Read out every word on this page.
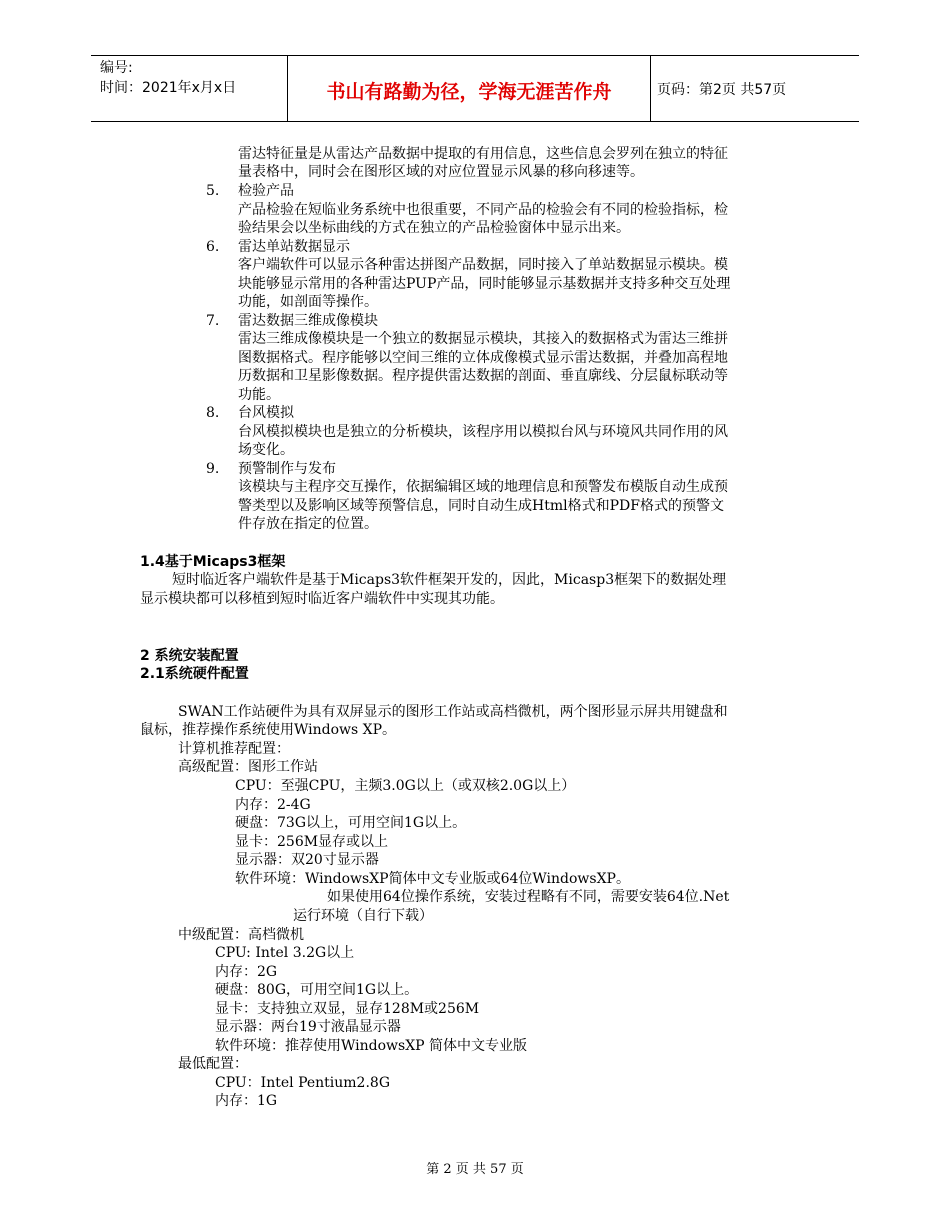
编号:
时间：2021年x月x日	书山有路勤为径，学海无涯苦作舟	页码：第2页 共57页
雷达特征量是从雷达产品数据中提取的有用信息，这些信息会罗列在独立的特征
量表格中，同时会在图形区域的对应位置显示风暴的移向移速等。
5. 检验产品
产品检验在短临业务系统中也很重要，不同产品的检验会有不同的检验指标，检
验结果会以坐标曲线的方式在独立的产品检验窗体中显示出来。
6. 雷达单站数据显示
客户端软件可以显示各种雷达拼图产品数据，同时接入了单站数据显示模块。模
块能够显示常用的各种雷达PUP产品，同时能够显示基数据并支持多种交互处理
功能，如剖面等操作。
7. 雷达数据三维成像模块
雷达三维成像模块是一个独立的数据显示模块，其接入的数据格式为雷达三维拼
图数据格式。程序能够以空间三维的立体成像模式显示雷达数据，并叠加高程地
历数据和卫星影像数据。程序提供雷达数据的剖面、垂直廓线、分层鼠标联动等
功能。
8. 台风模拟
台风模拟模块也是独立的分析模块，该程序用以模拟台风与环境风共同作用的风
场变化。
9. 预警制作与发布
该模块与主程序交互操作，依据编辑区域的地理信息和预警发布模版自动生成预
警类型以及影响区域等预警信息，同时自动生成Html格式和PDF格式的预警文
件存放在指定的位置。
1.4基于Micaps3框架
短时临近客户端软件是基于Micaps3软件框架开发的，因此，Micasp3框架下的数据处理
显示模块都可以移植到短时临近客户端软件中实现其功能。
2 系统安装配置
2.1系统硬件配置
SWAN工作站硬件为具有双屏显示的图形工作站或高档微机，两个图形显示屏共用键盘和
鼠标，推荐操作系统使用Windows XP。
计算机推荐配置：
高级配置：图形工作站
CPU：至强CPU，主频3.0G以上（或双核2.0G以上）
内存：2-4G
硬盘：73G以上，可用空间1G以上。
显卡：256M显存或以上
显示器：双20寸显示器
软件环境：WindowsXP简体中文专业版或64位WindowsXP。
如果使用64位操作系统，安装过程略有不同，需要安装64位.Net
运行环境（自行下载）
中级配置：高档微机
CPU: Intel 3.2G以上
内存：2G
硬盘：80G，可用空间1G以上。
显卡：支持独立双显，显存128M或256M
显示器：两台19寸液晶显示器
软件环境：推荐使用WindowsXP 简体中文专业版
最低配置：
CPU：Intel Pentium2.8G
内存：1G
第 2 页 共 57 页
